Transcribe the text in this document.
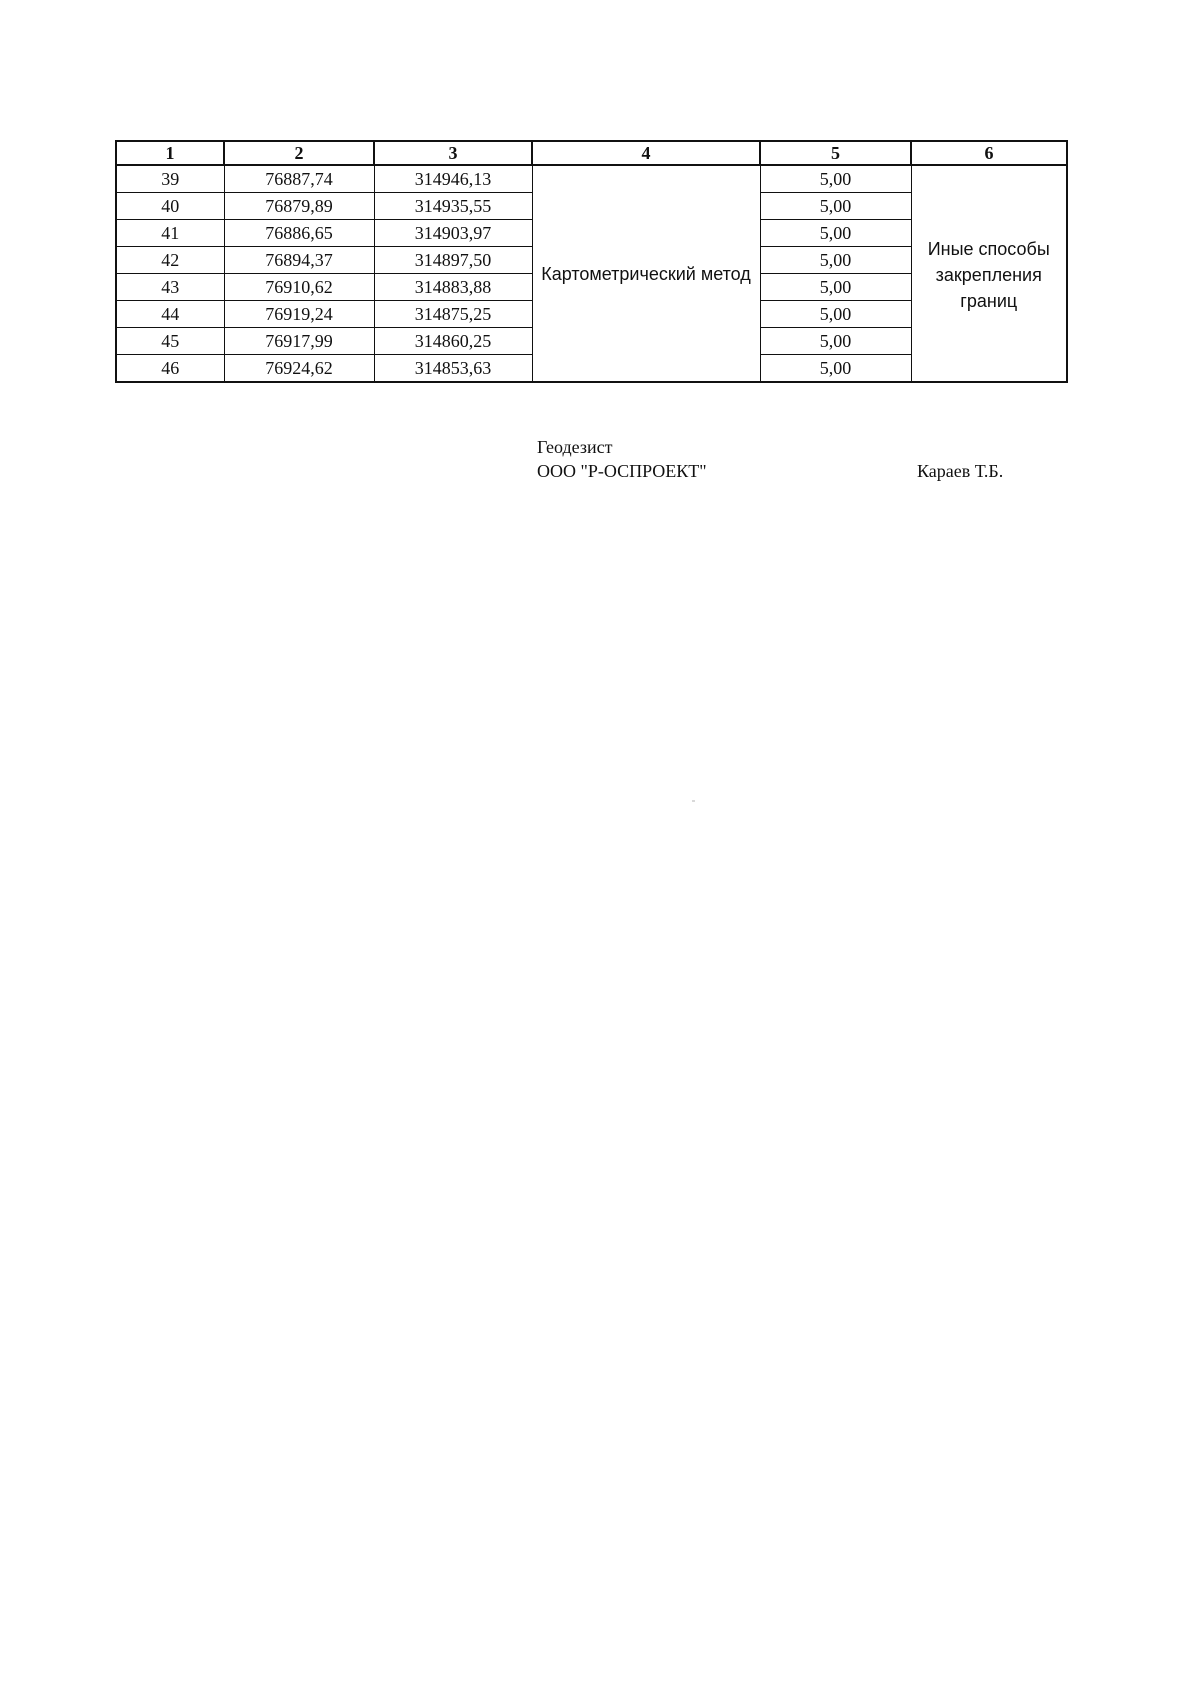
1	2	3	4	5	6
39	76887,74	314946,13	Картометрический метод	5,00	Иные способы
закрепления
границ
40	76879,89	314935,55		5,00	
41	76886,65	314903,97		5,00	
42	76894,37	314897,50		5,00	
43	76910,62	314883,88		5,00	
44	76919,24	314875,25		5,00	
45	76917,99	314860,25		5,00	
46	76924,62	314853,63		5,00	
Геодезист
ООО "Р-ОСПРОЕКТ"	Караев Т.Б.
